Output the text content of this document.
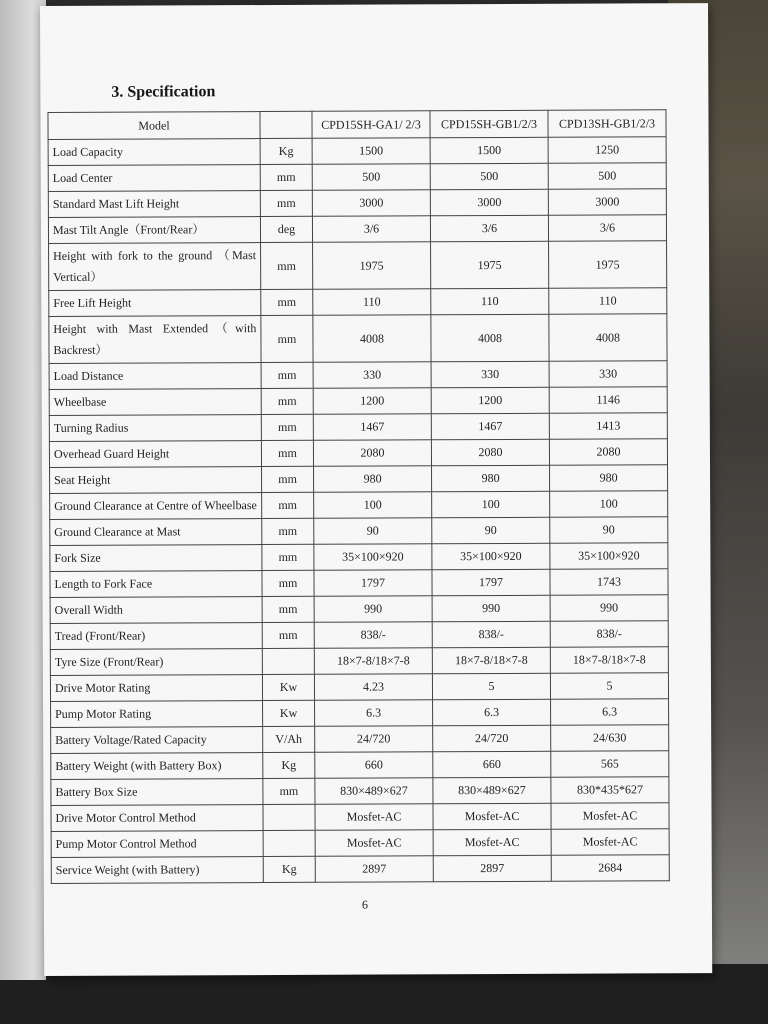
3. Specification
Model		CPD15SH-GA1/ 2/3	CPD15SH-GB1/2/3	CPD13SH-GB1/2/3
Load Capacity	Kg	1500	1500	1250
Load Center	mm	500	500	500
Standard Mast Lift Height	mm	3000	3000	3000
Mast Tilt Angle（Front/Rear）	deg	3/6	3/6	3/6
Height with fork to the ground （Mast Vertical）	mm	1975	1975	1975
Free Lift Height	mm	110	110	110
Height with Mast Extended（with Backrest）	mm	4008	4008	4008
Load Distance	mm	330	330	330
Wheelbase	mm	1200	1200	1146
Turning Radius	mm	1467	1467	1413
Overhead Guard Height	mm	2080	2080	2080
Seat Height	mm	980	980	980
Ground Clearance at Centre of Wheelbase	mm	100	100	100
Ground Clearance at Mast	mm	90	90	90
Fork Size	mm	35×100×920	35×100×920	35×100×920
Length to Fork Face	mm	1797	1797	1743
Overall Width	mm	990	990	990
Tread (Front/Rear)	mm	838/-	838/-	838/-
Tyre Size (Front/Rear)		18×7-8/18×7-8	18×7-8/18×7-8	18×7-8/18×7-8
Drive Motor Rating	Kw	4.23	5	5
Pump Motor Rating	Kw	6.3	6.3	6.3
Battery Voltage/Rated Capacity	V/Ah	24/720	24/720	24/630
Battery Weight (with Battery Box)	Kg	660	660	565
Battery Box Size	mm	830×489×627	830×489×627	830*435*627
Drive Motor Control Method		Mosfet-AC	Mosfet-AC	Mosfet-AC
Pump Motor Control Method		Mosfet-AC	Mosfet-AC	Mosfet-AC
Service Weight (with Battery)	Kg	2897	2897	2684
6
